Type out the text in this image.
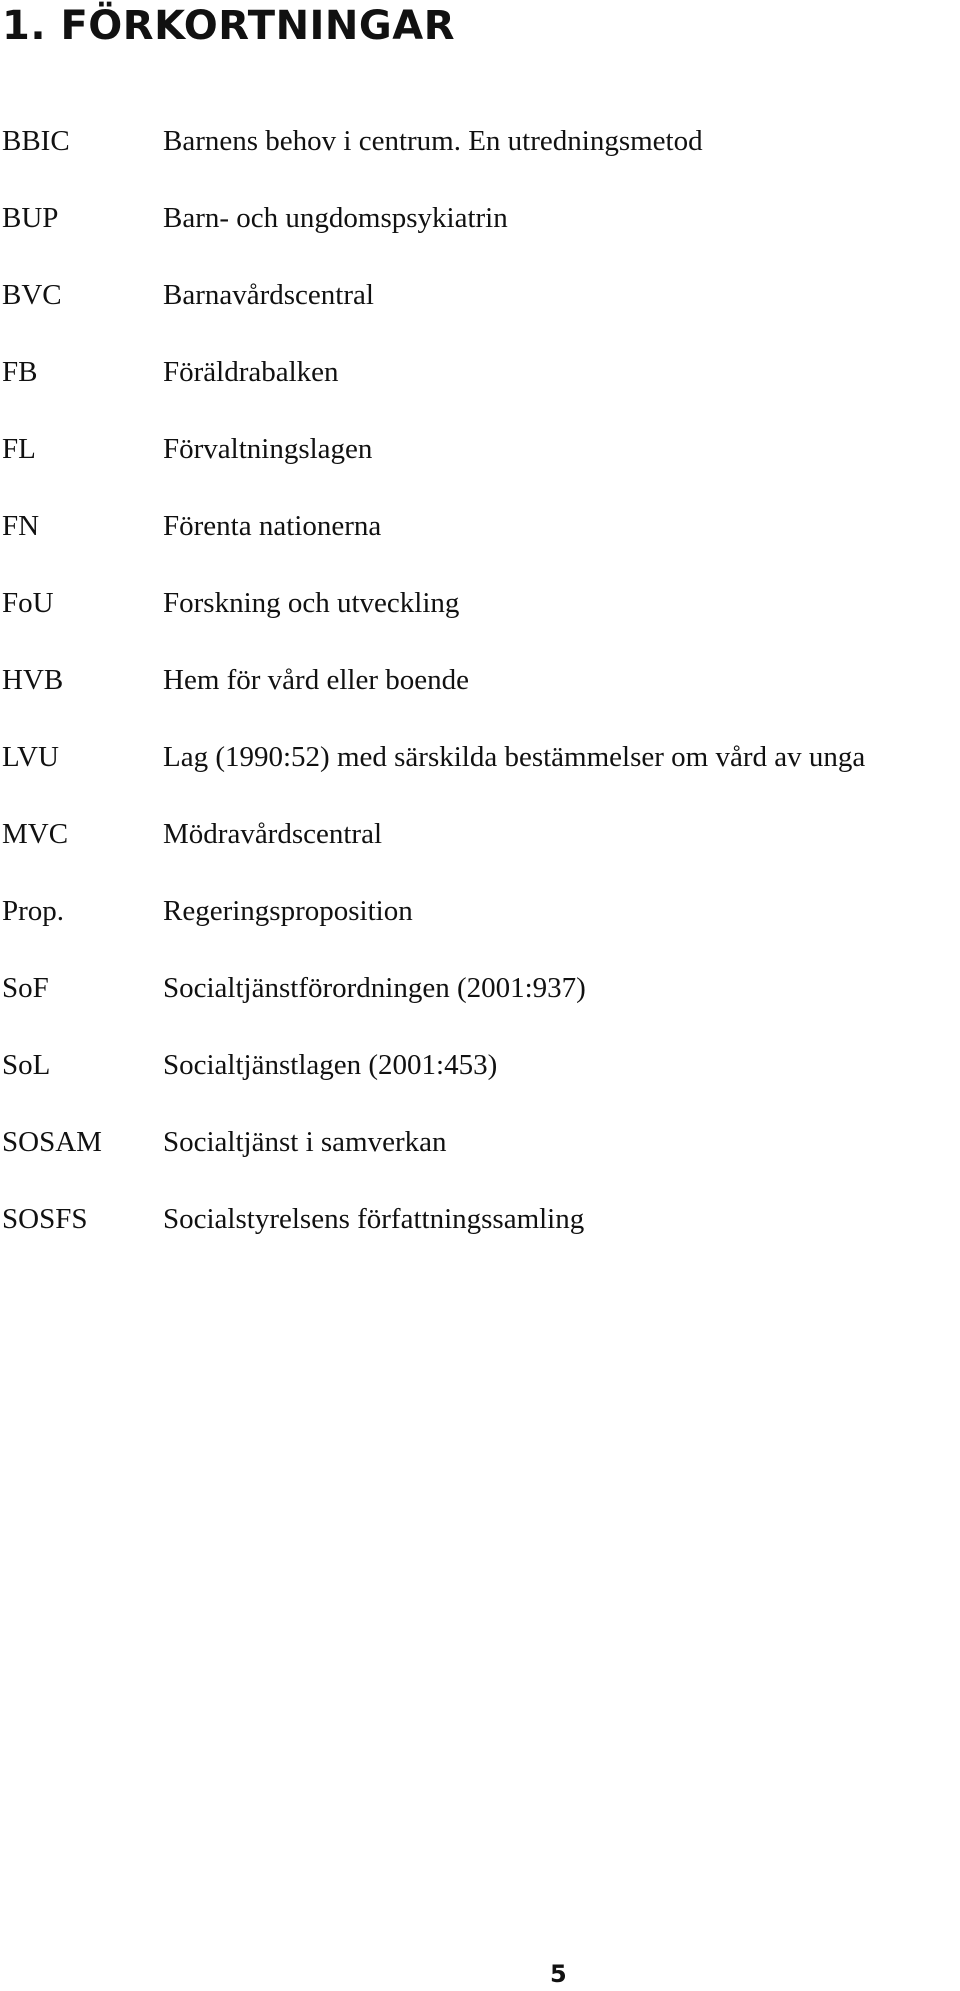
1. FÖRKORTNINGAR
BBIC	Barnens behov i centrum. En utredningsmetod
BUP	Barn- och ungdomspsykiatrin
BVC	Barnavårdscentral
FB	Föräldrabalken
FL	Förvaltningslagen
FN	Förenta nationerna
FoU	Forskning och utveckling
HVB	Hem för vård eller boende
LVU	Lag (1990:52) med särskilda bestämmelser om vård av unga
MVC	Mödravårdscentral
Prop.	Regeringsproposition
SoF	Socialtjänstförordningen (2001:937)
SoL	Socialtjänstlagen (2001:453)
SOSAM Socialtjänst i samverkan
SOSFS	Socialstyrelsens författningssamling
5
